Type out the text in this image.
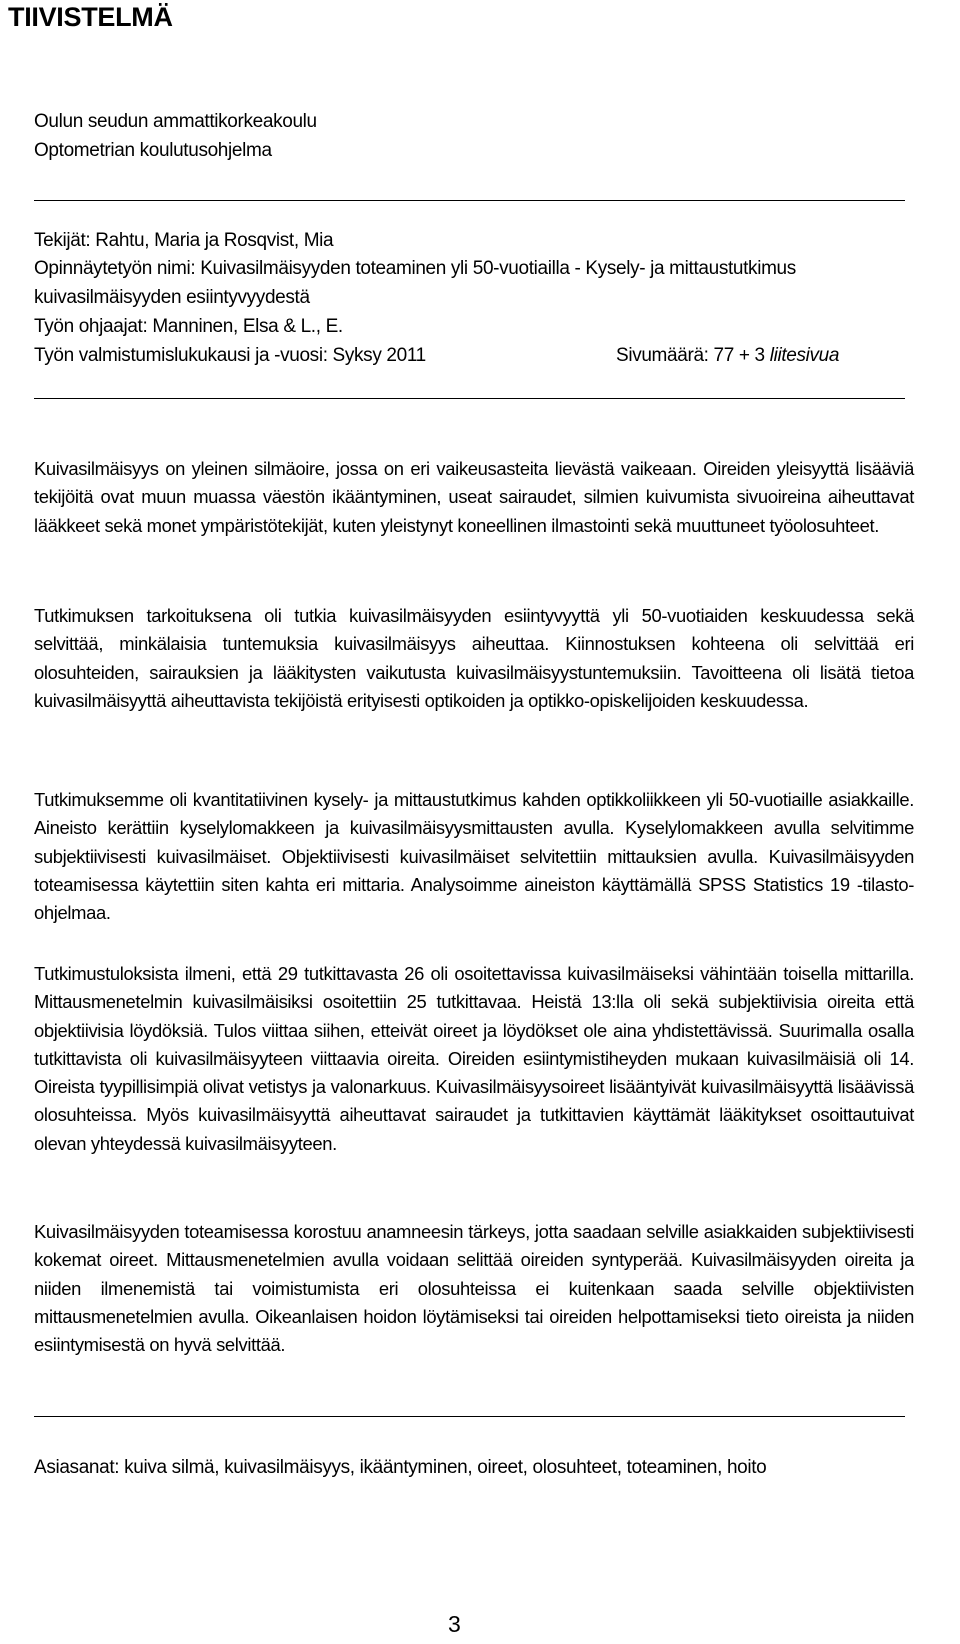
TIIVISTELMÄ
Oulun seudun ammattikorkeakoulu
Optometrian koulutusohjelma
Tekijät: Rahtu, Maria ja Rosqvist, Mia
Opinnäytetyön nimi: Kuivasilmäisyyden toteaminen yli 50-vuotiailla - Kysely- ja mittaustutkimus
kuivasilmäisyyden esiintyvyydestä
Työn ohjaajat: Manninen, Elsa & L., E.
Työn valmistumislukukausi ja -vuosi: Syksy 2011	Sivumäärä: 77 + 3 liitesivua
Kuivasilmäisyys on yleinen silmäoire, jossa on eri vaikeusasteita lievästä vaikeaan. Oireiden yleisyyttä lisääviä tekijöitä ovat muun muassa väestön ikääntyminen, useat sairaudet, silmien kuivumista sivuoireina aiheuttavat lääkkeet sekä monet ympäristötekijät, kuten yleistynyt koneellinen ilmastointi sekä muuttuneet työolosuhteet.
Tutkimuksen tarkoituksena oli tutkia kuivasilmäisyyden esiintyvyyttä yli 50-vuotiaiden keskuudessa sekä selvittää, minkälaisia tuntemuksia kuivasilmäisyys aiheuttaa. Kiinnostuksen kohteena oli selvittää eri olosuhteiden, sairauksien ja lääkitysten vaikutusta kuivasilmäisyystuntemuksiin. Tavoitteena oli lisätä tietoa kuivasilmäisyyttä aiheuttavista tekijöistä erityisesti optikoiden ja optikko-opiskelijoiden keskuudessa.
Tutkimuksemme oli kvantitatiivinen kysely- ja mittaustutkimus kahden optikkoliikkeen yli 50-vuotiaille asiakkaille. Aineisto kerättiin kyselylomakkeen ja kuivasilmäisyysmittausten avulla. Kyselylomakkeen avulla selvitimme subjektiivisesti kuivasilmäiset. Objektiivisesti kuivasilmäiset selvitettiin mittauksien avulla. Kuivasilmäisyyden toteamisessa käytettiin siten kahta eri mittaria. Analysoimme aineiston käyttämällä SPSS Statistics 19 -tilasto-ohjelmaa.
Tutkimustuloksista ilmeni, että 29 tutkittavasta 26 oli osoitettavissa kuivasilmäiseksi vähintään toisella mittarilla. Mittausmenetelmin kuivasilmäisiksi osoitettiin 25 tutkittavaa. Heistä 13:lla oli sekä subjektiivisia oireita että objektiivisia löydöksiä. Tulos viittaa siihen, etteivät oireet ja löydökset ole aina yhdistettävissä. Suurimalla osalla tutkittavista oli kuivasilmäisyyteen viittaavia oireita. Oireiden esiintymistiheyden mukaan kuivasilmäisiä oli 14. Oireista tyypillisimpiä olivat vetistys ja valonarkuus. Kuivasilmäisyysoireet lisääntyivät kuivasilmäisyyttä lisäävissä olosuhteissa. Myös kuivasilmäisyyttä aiheuttavat sairaudet ja tutkittavien käyttämät lääkitykset osoittautuivat olevan yhteydessä kuivasilmäisyyteen.
Kuivasilmäisyyden toteamisessa korostuu anamneesin tärkeys, jotta saadaan selville asiakkaiden subjektiivisesti kokemat oireet. Mittausmenetelmien avulla voidaan selittää oireiden syntyperää. Kuivasilmäisyyden oireita ja niiden ilmenemistä tai voimistumista eri olosuhteissa ei kuitenkaan saada selville objektiivisten mittausmenetelmien avulla. Oikeanlaisen hoidon löytämiseksi tai oireiden helpottamiseksi tieto oireista ja niiden esiintymisestä on hyvä selvittää.
Asiasanat: kuiva silmä, kuivasilmäisyys, ikääntyminen, oireet, olosuhteet, toteaminen, hoito
3
